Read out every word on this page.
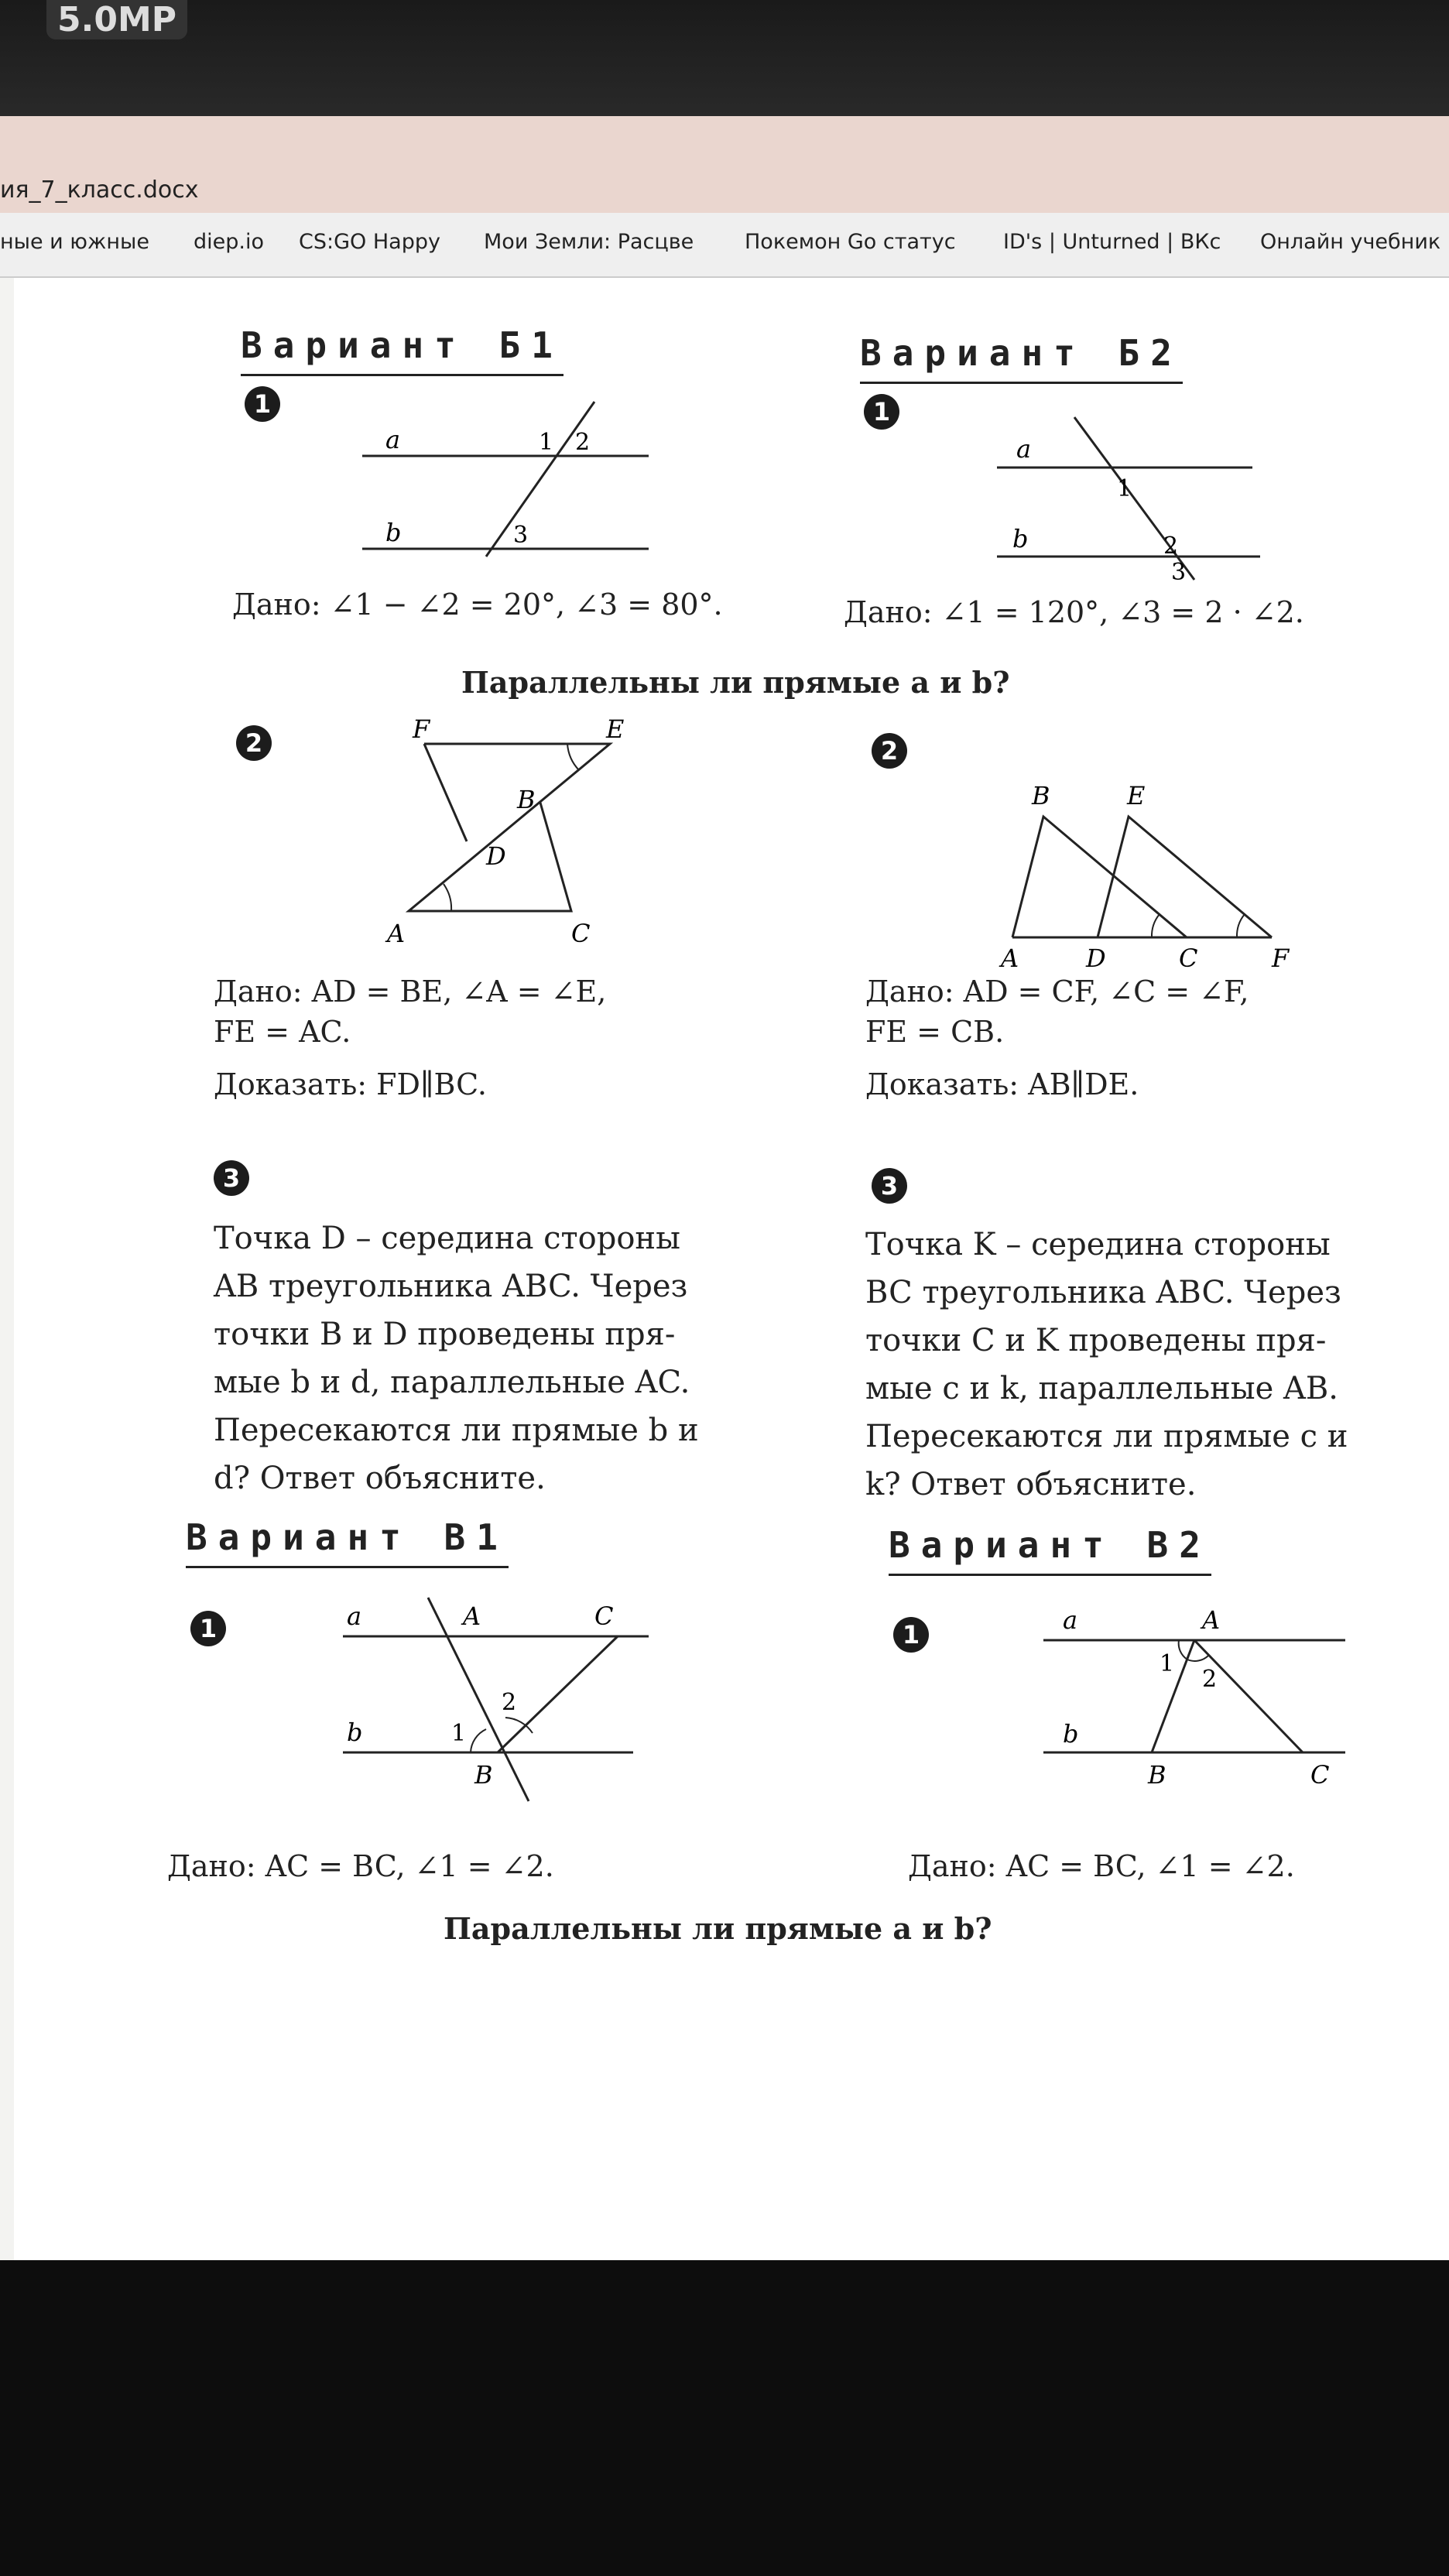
5.0MP
ия_7_класс.docx
ные и южные diep.io CS:GO Happy Мои Земли: Расцве Покемон Go статус ID's | Unturned | ВКс Онлайн учебник
Вариант Б1
1
a
b
1 2
3
Дано: ∠1 − ∠2 = 20°, ∠3 = 80°.
Вариант Б2
1
a
b
1
2
3
Дано: ∠1 = 120°, ∠3 = 2 · ∠2.
Параллельны ли прямые a и b?
2	F	E
B
D
A	C
Дано: AD = BE, ∠A = ∠E,
FE = AC.
Доказать: FD∥BC.
2
B	E
A	D	C	F
Дано: AD = CF, ∠C = ∠F,
FE = CB.
Доказать: AB∥DE.
3
Точка D – середина стороны
AB треугольника ABC. Через
точки B и D проведены пря-
мые b и d, параллельные AC.
Пересекаются ли прямые b и
d? Ответ объясните.
3
Точка K – середина стороны
BC треугольника ABC. Через
точки C и K проведены пря-
мые c и k, параллельные AB.
Пересекаются ли прямые c и
k? Ответ объясните.
Вариант В1
1	a	A	C
b	1
2
B
Дано: AC = BC, ∠1 = ∠2.
Вариант В2
1	a	A
1
2
b
B	C
Дано: AC = BC, ∠1 = ∠2.
Параллельны ли прямые a и b?
